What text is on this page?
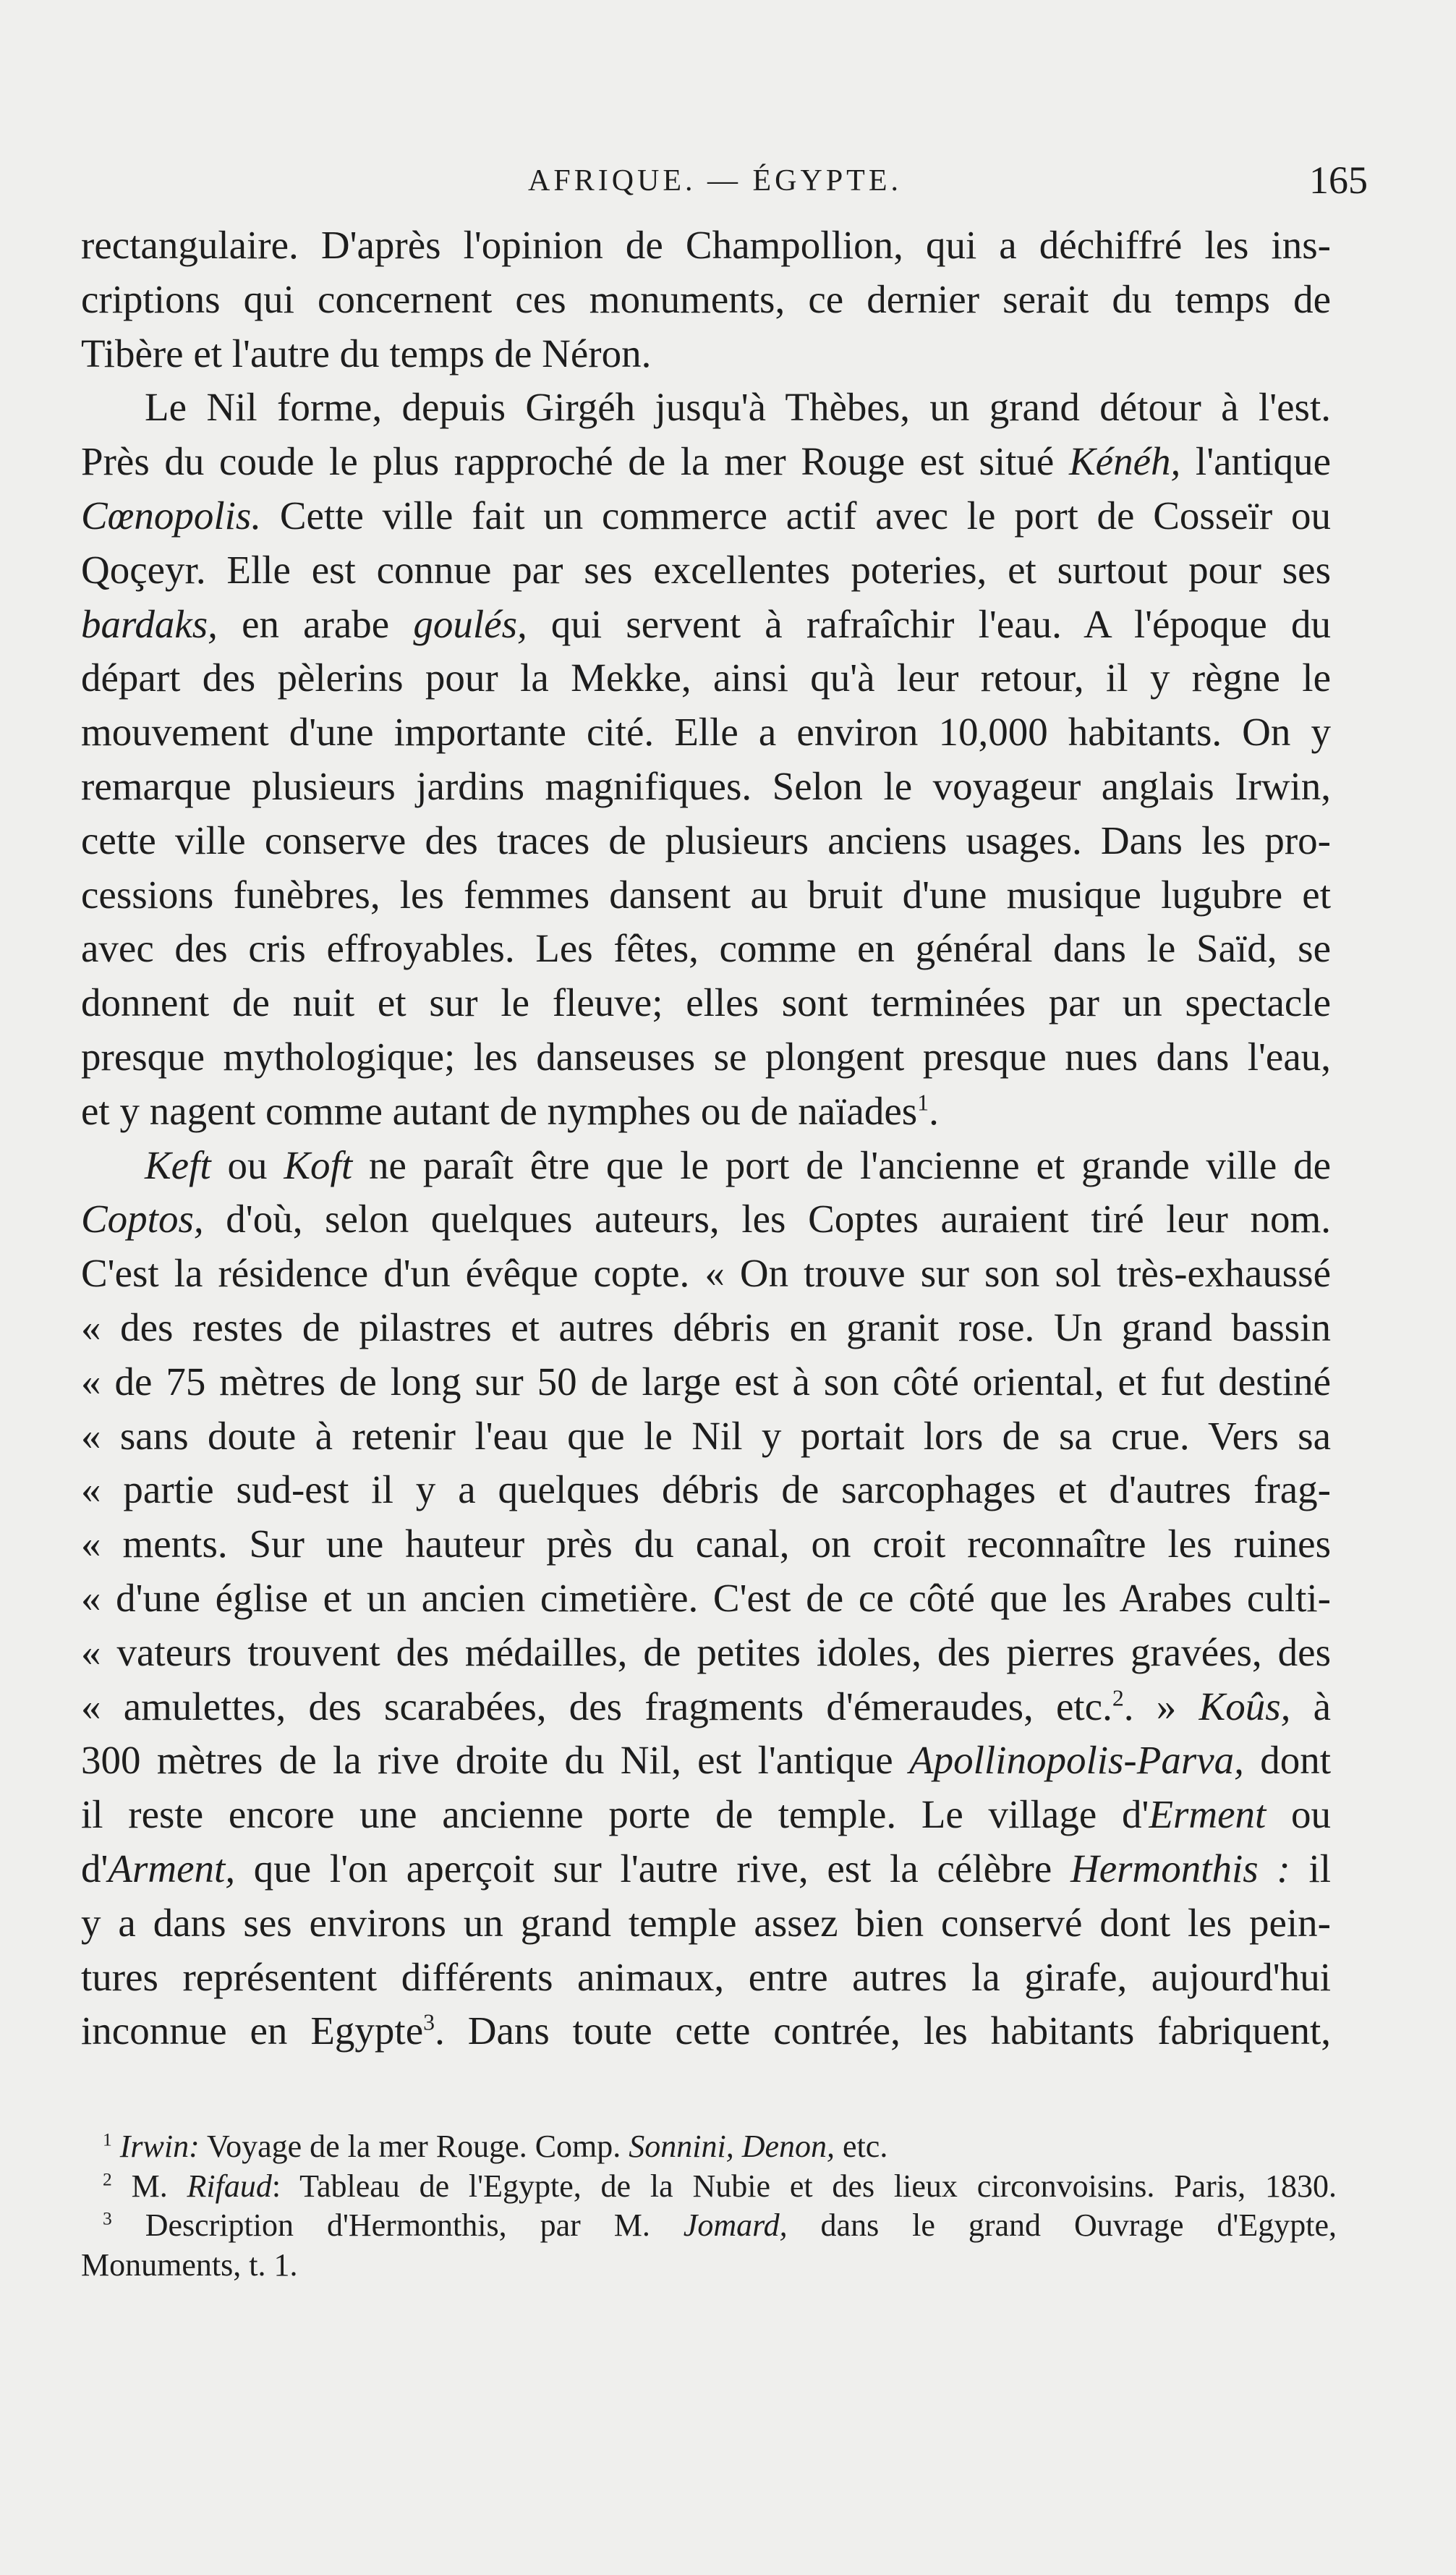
AFRIQUE. — ÉGYPTE.	165
rectangulaire. D'après l'opinion de Champollion, qui a déchiffré les ins-
criptions qui concernent ces monuments, ce dernier serait du temps de
Tibère et l'autre du temps de Néron.
Le Nil forme, depuis Girgéh jusqu'à Thèbes, un grand détour à l'est.
Près du coude le plus rapproché de la mer Rouge est situé Kénéh, l'antique
Cœnopolis. Cette ville fait un commerce actif avec le port de Cosseïr ou
Qoçeyr. Elle est connue par ses excellentes poteries, et surtout pour ses
bardaks, en arabe goulés, qui servent à rafraîchir l'eau. A l'époque du
départ des pèlerins pour la Mekke, ainsi qu'à leur retour, il y règne le
mouvement d'une importante cité. Elle a environ 10,000 habitants. On y
remarque plusieurs jardins magnifiques. Selon le voyageur anglais Irwin,
cette ville conserve des traces de plusieurs anciens usages. Dans les pro-
cessions funèbres, les femmes dansent au bruit d'une musique lugubre et
avec des cris effroyables. Les fêtes, comme en général dans le Saïd, se
donnent de nuit et sur le fleuve; elles sont terminées par un spectacle
presque mythologique; les danseuses se plongent presque nues dans l'eau,
et y nagent comme autant de nymphes ou de naïades$^1$.
Keft ou Koft ne paraît être que le port de l'ancienne et grande ville de
Coptos, d'où, selon quelques auteurs, les Coptes auraient tiré leur nom.
C'est la résidence d'un évêque copte. « On trouve sur son sol très-exhaussé
« des restes de pilastres et autres débris en granit rose. Un grand bassin
« de 75 mètres de long sur 50 de large est à son côté oriental, et fut destiné
« sans doute à retenir l'eau que le Nil y portait lors de sa crue. Vers sa
« partie sud-est il y a quelques débris de sarcophages et d'autres frag-
« ments. Sur une hauteur près du canal, on croit reconnaître les ruines
« d'une église et un ancien cimetière. C'est de ce côté que les Arabes culti-
« vateurs trouvent des médailles, de petites idoles, des pierres gravées, des
« amulettes, des scarabées, des fragments d'émeraudes, etc.$^2$. » Koûs, à
300 mètres de la rive droite du Nil, est l'antique Apollinopolis-Parva, dont
il reste encore une ancienne porte de temple. Le village d'Erment ou
d'Arment, que l'on aperçoit sur l'autre rive, est la célèbre Hermonthis : il
y a dans ses environs un grand temple assez bien conservé dont les pein-
tures représentent différents animaux, entre autres la girafe, aujourd'hui
inconnue en Egypte$^3$. Dans toute cette contrée, les habitants fabriquent,
$^1$ Irwin: Voyage de la mer Rouge. Comp. Sonnini, Denon, etc.
$^2$ M. Rifaud: Tableau de l'Egypte, de la Nubie et des lieux circonvoisins. Paris, 1830.
$^3$ Description d'Hermonthis, par M. Jomard, dans le grand Ouvrage d'Egypte,
Monuments, t. 1.
